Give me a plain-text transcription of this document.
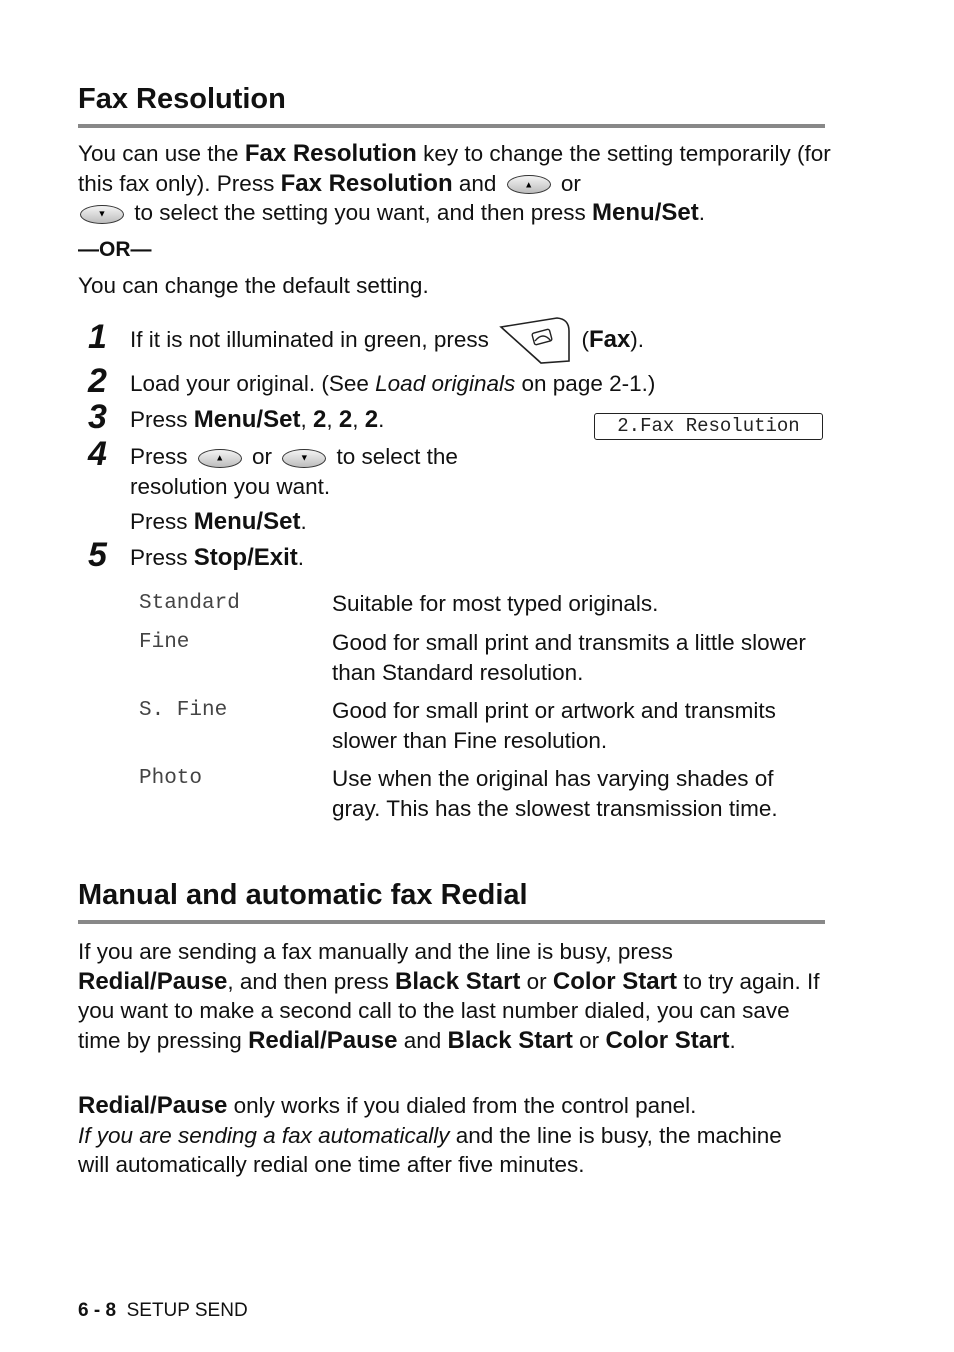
Fax Resolution

You can use the Fax Resolution key to change the setting temporarily (for this fax only). Press Fax Resolution and ▲ or

▼ to select the setting you want, and then press Menu/Set.

—OR—

You can change the default setting.

1 If it is not illuminated in green, press	(Fax).

2 Load your original. (See Load originals on page 2-1.)

3 Press Menu/Set, 2, 2, 2.	2.Fax Resolution
4 Press ▲ or ▼ to select the
resolution you want.

Press Menu/Set.

5 Press Stop/Exit.

Standard	Suitable for most typed originals.

Fine	Good for small print and transmits a little slower than Standard resolution.

S. Fine	Good for small print or artwork and transmits slower than Fine resolution.

Photo	Use when the original has varying shades of gray. This has the slowest transmission time.

Manual and automatic fax Redial

If you are sending a fax manually and the line is busy, press Redial/Pause, and then press Black Start or Color Start to try again. If you want to make a second call to the last number dialed, you can save time by pressing Redial/Pause and Black Start or Color Start.

Redial/Pause only works if you dialed from the control panel.
If you are sending a fax automatically and the line is busy, the machine will automatically redial one time after five minutes.

6 - 8 SETUP SEND
